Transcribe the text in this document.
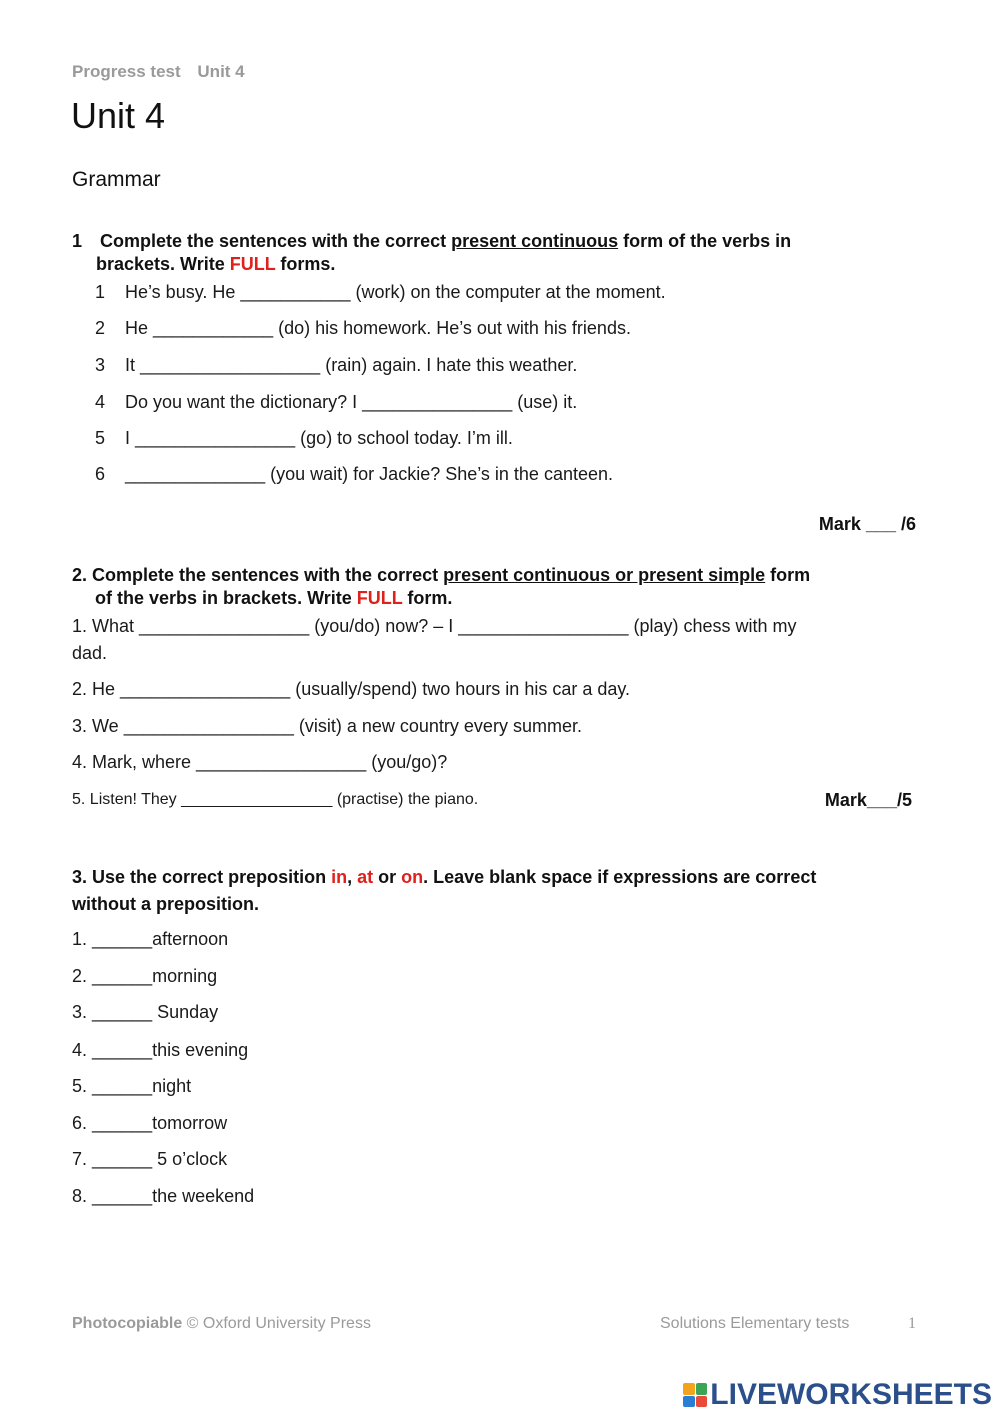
Progress test Unit 4
Unit 4
Grammar
1 Complete the sentences with the correct present continuous form of the verbs in
brackets. Write FULL forms.
1 He’s busy. He ___________ (work) on the computer at the moment.
2 He ____________ (do) his homework. He’s out with his friends.
3 It __________________ (rain) again. I hate this weather.
4 Do you want the dictionary? I _______________ (use) it.
5 I ________________ (go) to school today. I’m ill.
6 ______________ (you wait) for Jackie? She’s in the canteen.
Mark ___ /6
2. Complete the sentences with the correct present continuous or present simple form
of the verbs in brackets. Write FULL form.
1. What _________________ (you/do) now? – I _________________ (play) chess with my
dad.
2. He _________________ (usually/spend) two hours in his car a day.
3. We _________________ (visit) a new country every summer.
4. Mark, where _________________ (you/go)?
5. Listen! They _________________ (practise) the piano.	Mark___/5
3. Use the correct preposition in, at or on. Leave blank space if expressions are correct
without a preposition.
1. ______afternoon
2. ______morning
3. ______ Sunday
4. ______this evening
5. ______night
6. ______tomorrow
7. ______ 5 o’clock
8. ______the weekend
Photocopiable © Oxford University Press	Solutions Elementary tests	1
LIVEWORKSHEETS
